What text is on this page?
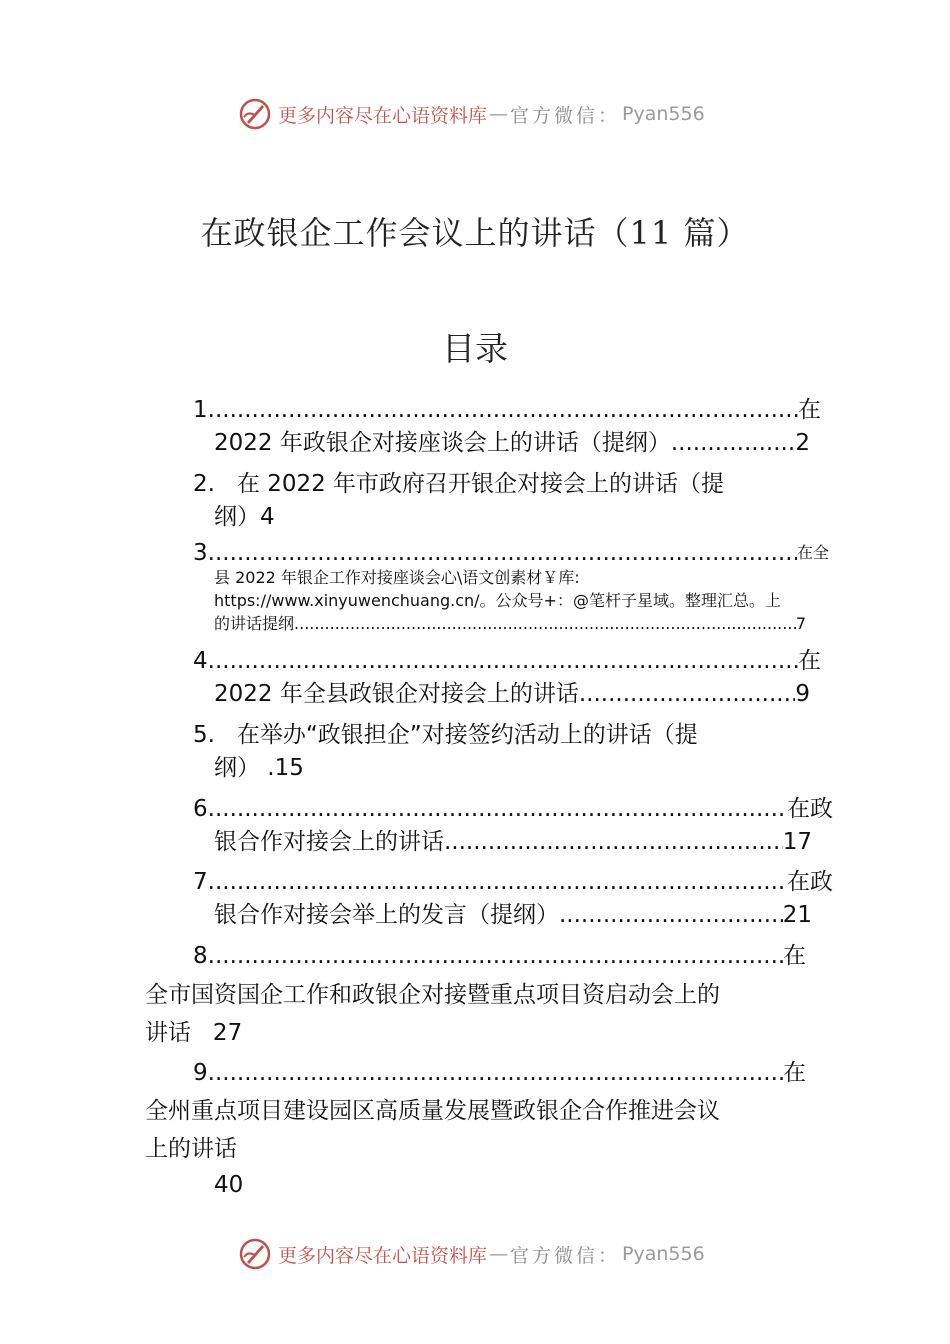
更多内容尽在心语资料库 — 官方微信： Pyan556
在政银企工作会议上的讲话（11 篇）
目录
1. .....	在
2022 年政银企对接座谈会上的讲话（提纲） .....	2
2.   在 2022 年市政府召开银企对接会上的讲话（提
纲）4
3. .....	在全
县 2022 年银企工作对接座谈会心\语文创素材￥库:
https://www.xinyuwenchuang.cn/。公众号+：@笔杆子星域。整理汇总。上
的讲话提纲 .....	7
4. .....	在
2022 年全县政银企对接会上的讲话 .....	9
5.   在举办“政银担企”对接签约活动上的讲话（提
纲） .15
6. .....	在政
银合作对接会上的讲话 .....	17
7. .....	在政
银合作对接会举上的发言（提纲） .....	21
8. .....	在
全市国资国企工作和政银企对接暨重点项目资启动会上的
讲话   27
9. .....	在
全州重点项目建设园区高质量发展暨政银企合作推进会议
上的讲话
40
更多内容尽在心语资料库 — 官方微信： Pyan556
